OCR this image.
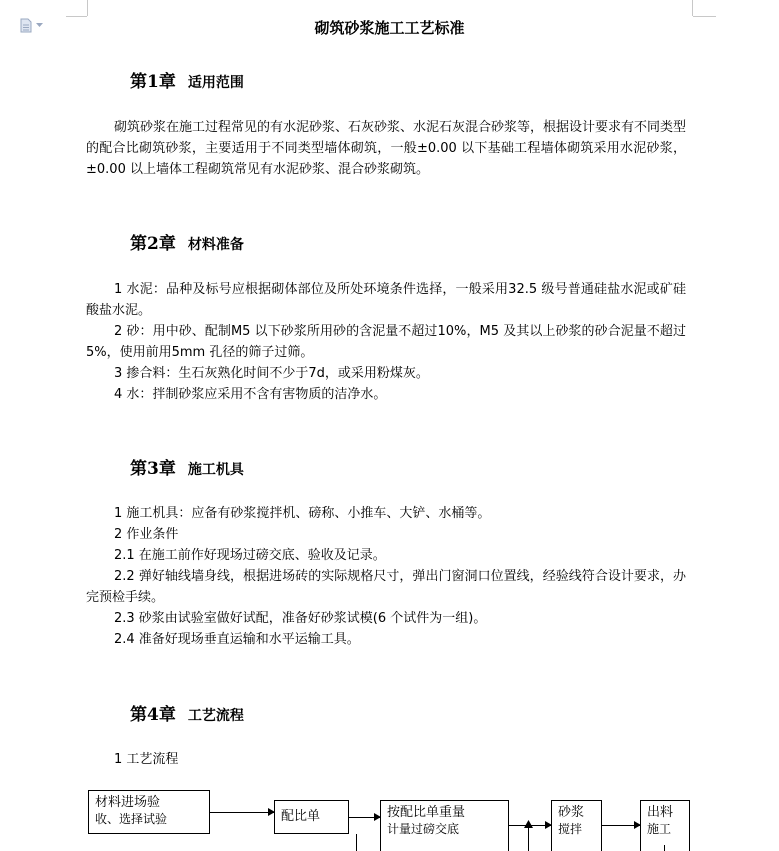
砌筑砂浆施工工艺标准
第1章 适用范围

砌筑砂浆在施工过程常见的有水泥砂浆、石灰砂浆、水泥石灰混合砂浆等，根据设计要求有不同类型的配合比砌筑砂浆，主要适用于不同类型墙体砌筑，一般±0.00 以下基础工程墙体砌筑采用水泥砂浆，±0.00 以上墙体工程砌筑常见有水泥砂浆、混合砂浆砌筑。

第2章 材料准备

1 水泥：品种及标号应根据砌体部位及所处环境条件选择，一般采用32.5 级号普通硅盐水泥或矿硅酸盐水泥。

2 砂：用中砂、配制M5 以下砂浆所用砂的含泥量不超过10%，M5 及其以上砂浆的砂合泥量不超过5%，使用前用5mm 孔径的筛子过筛。

3 掺合料：生石灰熟化时间不少于7d，或采用粉煤灰。

4 水：拌制砂浆应采用不含有害物质的洁净水。

第3章 施工机具

1 施工机具：应备有砂浆搅拌机、磅称、小推车、大铲、水桶等。

2 作业条件

2.1 在施工前作好现场过磅交底、验收及记录。

2.2 弹好轴线墙身线，根据进场砖的实际规格尺寸，弹出门窗洞口位置线，经验线符合设计要求，办完预检手续。

2.3 砂浆由试验室做好试配，准备好砂浆试模(6 个试件为一组)。

2.4 准备好现场垂直运输和水平运输工具。

第4章 工艺流程

1 工艺流程

材料进场验
收、选择试验	配比单	按配比单重量
计量过磅交底
砂浆
搅拌
出料
施工
